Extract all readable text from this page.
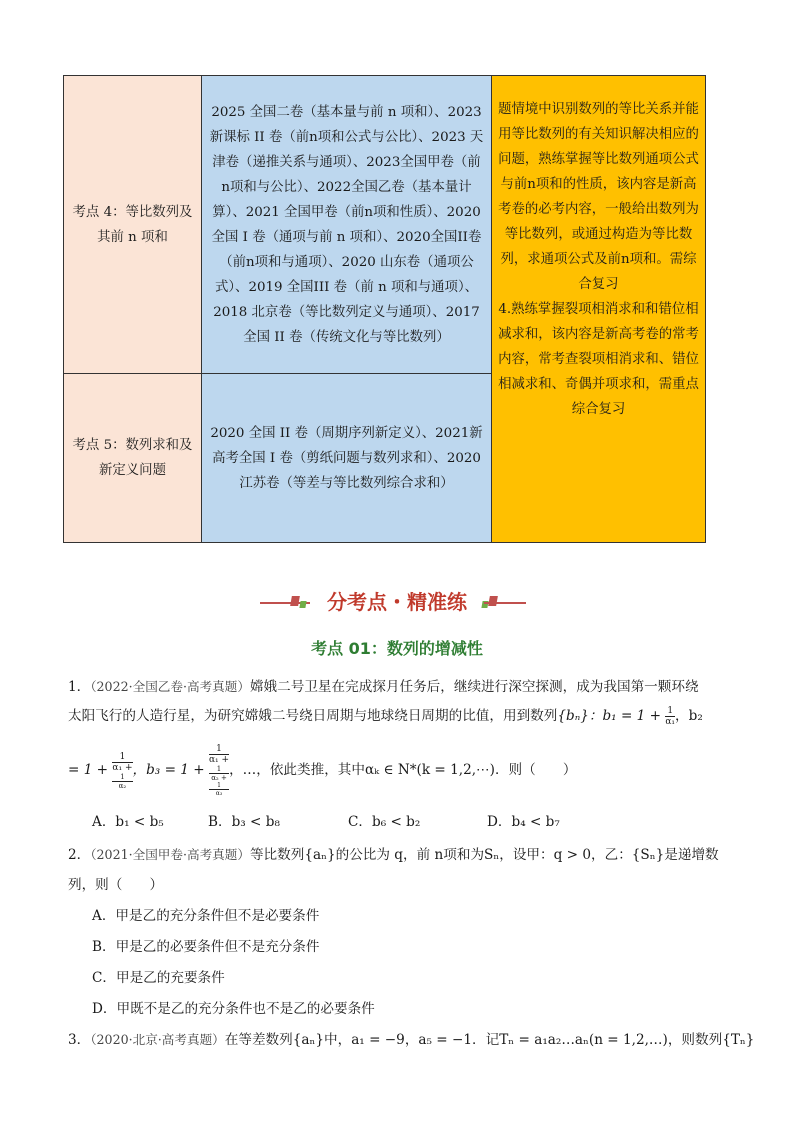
考点 4：等比数列及其前 n 项和	2025 全国二卷（基本量与前 n 项和）、2023新课标 II 卷（前n项和公式与公比）、2023 天津卷（递推关系与通项）、2023全国甲卷（前n项和与公比）、2022全国乙卷（基本量计算）、2021 全国甲卷（前n项和性质）、2020 全国 I 卷（通项与前 n 项和）、2020全国II卷（前n项和与通项）、2020 山东卷（通项公式）、2019 全国III 卷（前 n 项和与通项）、2018 北京卷（等比数列定义与通项）、2017 全国 II 卷（传统文化与等比数列）	题情境中识别数列的等比关系并能用等比数列的有关知识解决相应的问题，熟练掌握等比数列通项公式与前n项和的性质，该内容是新高考卷的必考内容，一般给出数列为等比数列，或通过构造为等比数列，求通项公式及前n项和。需综合复习
4.熟练掌握裂项相消求和和错位相减求和，该内容是新高考卷的常考内容，常考查裂项相消求和、错位相减求和、奇偶并项求和，需重点综合复习

考点 5：数列求和及新定义问题	2020 全国 II 卷（周期序列新定义）、2021新高考全国 I 卷（剪纸问题与数列求和）、2020 江苏卷（等差与等比数列综合求和）	
分考点・精准练
考点 01：数列的增减性
1．（2022·全国乙卷·高考真题）嫦娥二号卫星在完成探月任务后，继续进行深空探测，成为我国第一颗环绕
太阳飞行的人造行星，为研究嫦娥二号绕日周期与地球绕日周期的比值，用到数列{bₙ}：$b_1 = 1 + \frac{1}{\text{α₁}}$ ，b₂
= 1 + 1
α₁ +
1
α₂ ，b₃ = 1 + 1
α₁ +
1
α₂ +
1
α₃ ，…，依此类推，其中αₖ ∈ N*(k = 1,2,⋯)．则（　　）
A．b₁ < b₅	B．b₃ < b₈	C．b₆ < b₂	D．b₄ < b₇
2．（2021·全国甲卷·高考真题）等比数列{aₙ}的公比为 q，前 n项和为Sₙ，设甲：q > 0，乙：{Sₙ}是递增数
列，则（　　）
A．甲是乙的充分条件但不是必要条件
B．甲是乙的必要条件但不是充分条件
C．甲是乙的充要条件
D．甲既不是乙的充分条件也不是乙的必要条件
3．（2020·北京·高考真题）在等差数列{aₙ}中，a₁ = −9，a₅ = −1．记Tₙ = a₁a₂…aₙ(n = 1,2,…)，则数列{Tₙ}
